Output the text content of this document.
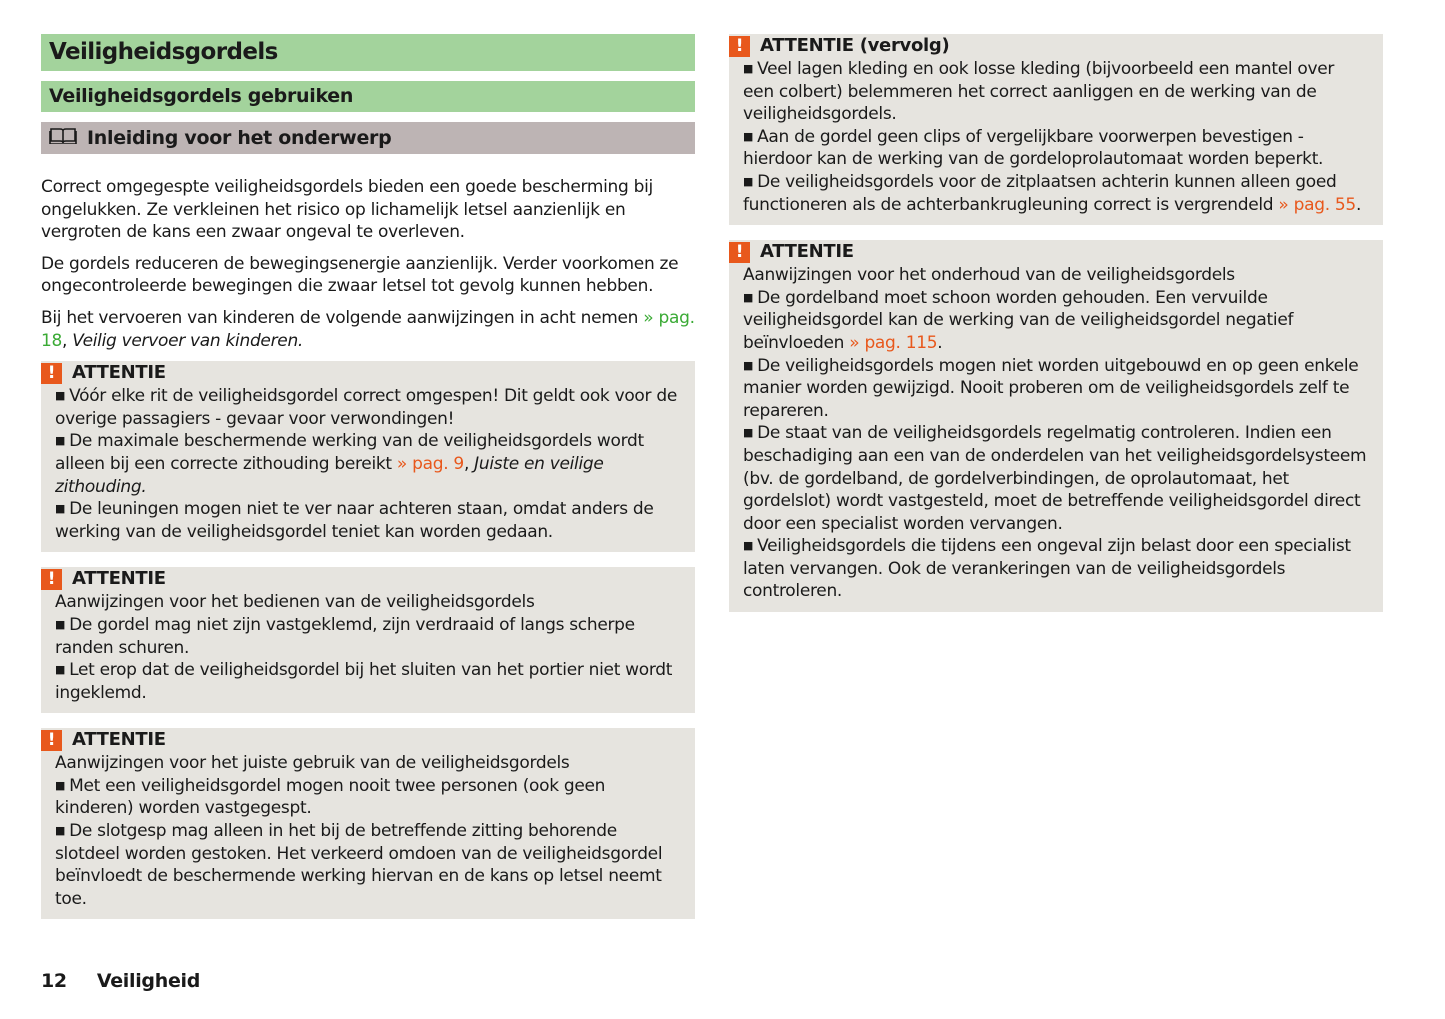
Veiligheidsgordels
Veiligheidsgordels gebruiken
Inleiding voor het onderwerp

Correct omgegespte veiligheidsgordels bieden een goede bescherming bij ongelukken. Ze verkleinen het risico op lichamelijk letsel aanzienlijk en vergroten de kans een zwaar ongeval te overleven.

De gordels reduceren de bewegingsenergie aanzienlijk. Verder voorkomen ze ongecontroleerde bewegingen die zwaar letsel tot gevolg kunnen hebben.

Bij het vervoeren van kinderen de volgende aanwijzingen in acht nemen » pag. 18, Veilig vervoer van kinderen.

! ATTENTIE

■ Vóór elke rit de veiligheidsgordel correct omgespen! Dit geldt ook voor de overige passagiers - gevaar voor verwondingen!

■ De maximale beschermende werking van de veiligheidsgordels wordt alleen bij een correcte zithouding bereikt » pag. 9, Juiste en veilige zithouding.

■ De leuningen mogen niet te ver naar achteren staan, omdat anders de werking van de veiligheidsgordel teniet kan worden gedaan.

! ATTENTIE

Aanwijzingen voor het bedienen van de veiligheidsgordels

■ De gordel mag niet zijn vastgeklemd, zijn verdraaid of langs scherpe randen schuren.

■ Let erop dat de veiligheidsgordel bij het sluiten van het portier niet wordt ingeklemd.

! ATTENTIE

Aanwijzingen voor het juiste gebruik van de veiligheidsgordels

■ Met een veiligheidsgordel mogen nooit twee personen (ook geen kinderen) worden vastgegespt.

■ De slotgesp mag alleen in het bij de betreffende zitting behorende slotdeel worden gestoken. Het verkeerd omdoen van de veiligheidsgordel beïnvloedt de beschermende werking hiervan en de kans op letsel neemt toe.

! ATTENTIE (vervolg)

■ Veel lagen kleding en ook losse kleding (bijvoorbeeld een mantel over een colbert) belemmeren het correct aanliggen en de werking van de veiligheidsgordels.

■ Aan de gordel geen clips of vergelijkbare voorwerpen bevestigen - hierdoor kan de werking van de gordeloprolautomaat worden beperkt.

■ De veiligheidsgordels voor de zitplaatsen achterin kunnen alleen goed functioneren als de achterbankrugleuning correct is vergrendeld » pag. 55.

! ATTENTIE

Aanwijzingen voor het onderhoud van de veiligheidsgordels

■ De gordelband moet schoon worden gehouden. Een vervuilde veiligheidsgordel kan de werking van de veiligheidsgordel negatief beïnvloeden » pag. 115.

■ De veiligheidsgordels mogen niet worden uitgebouwd en op geen enkele manier worden gewijzigd. Nooit proberen om de veiligheidsgordels zelf te repareren.

■ De staat van de veiligheidsgordels regelmatig controleren. Indien een beschadiging aan een van de onderdelen van het veiligheidsgordelsysteem (bv. de gordelband, de gordelverbindingen, de oprolautomaat, het gordelslot) wordt vastgesteld, moet de betreffende veiligheidsgordel direct door een specialist worden vervangen.

■ Veiligheidsgordels die tijdens een ongeval zijn belast door een specialist laten vervangen. Ook de verankeringen van de veiligheidsgordels controleren.

12 Veiligheid
